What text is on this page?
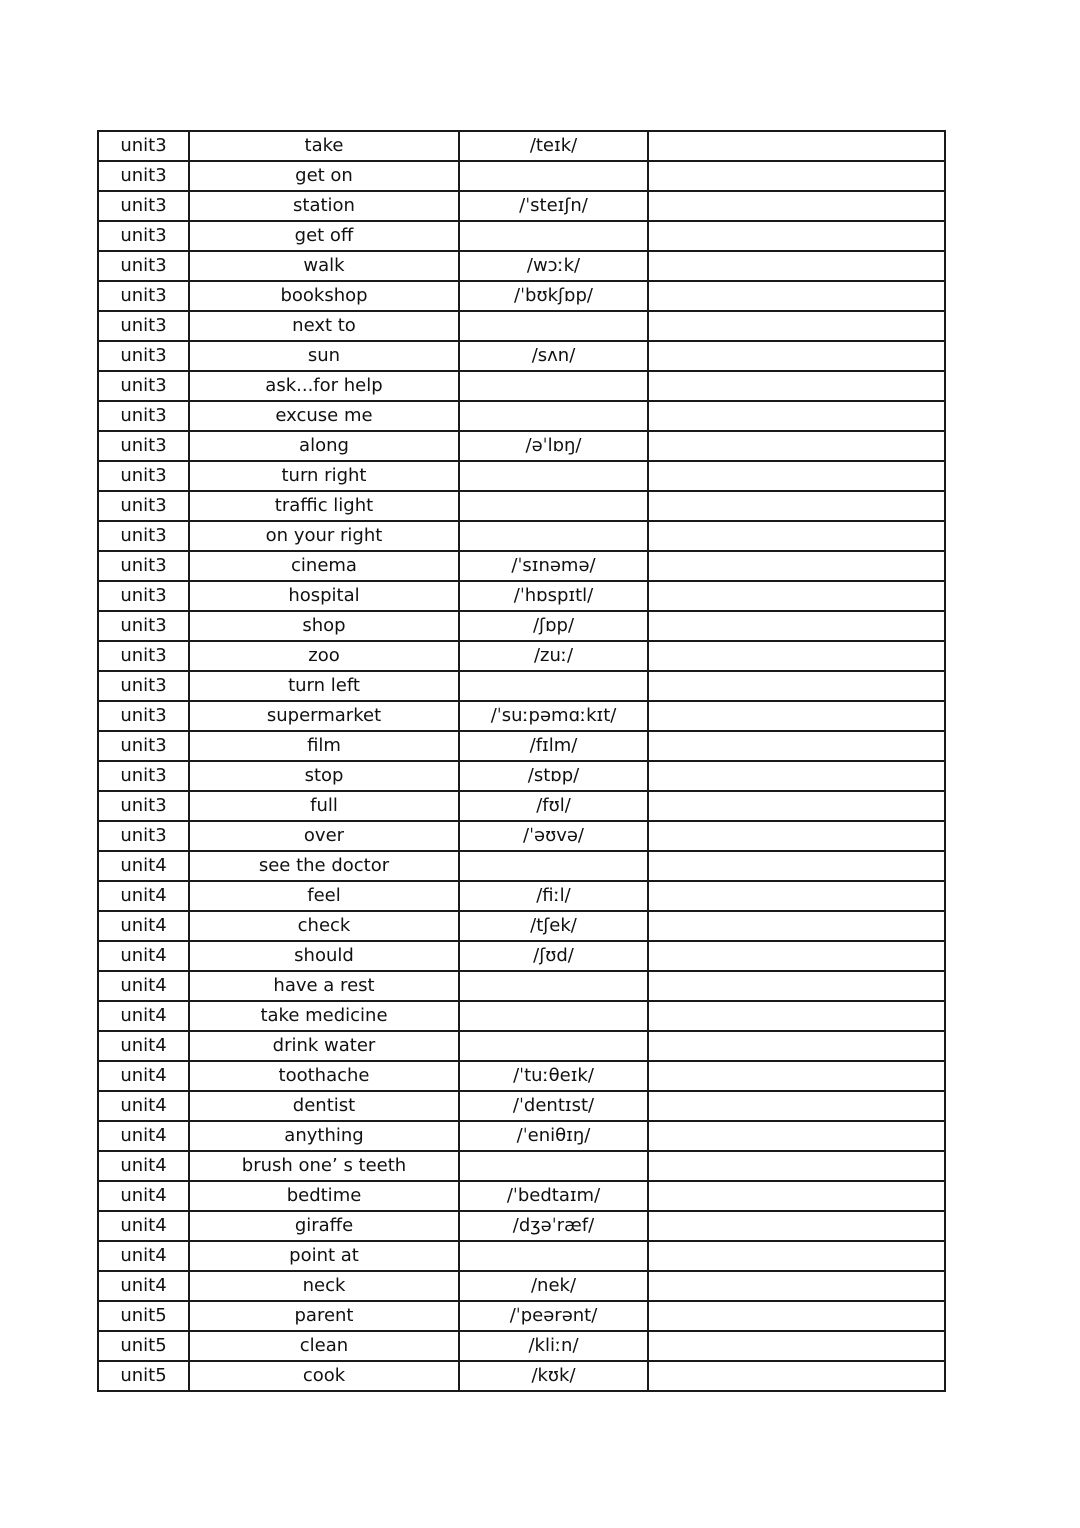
unit3	take	/teɪk/	
unit3	get on		
unit3	station	/ˈsteɪʃn/	
unit3	get off		
unit3	walk	/wɔːk/	
unit3	bookshop	/ˈbʊkʃɒp/	
unit3	next to		
unit3	sun	/sʌn/	
unit3	ask...for help		
unit3	excuse me		
unit3	along	/əˈlɒŋ/	
unit3	turn right		
unit3	traffic light		
unit3	on your right		
unit3	cinema	/ˈsɪnəmə/	
unit3	hospital	/ˈhɒspɪtl/	
unit3	shop	/ʃɒp/	
unit3	zoo	/zuː/	
unit3	turn left		
unit3	supermarket	/ˈsuːpəmɑːkɪt/	
unit3	film	/fɪlm/	
unit3	stop	/stɒp/	
unit3	full	/fʊl/	
unit3	over	/ˈəʊvə/	
unit4	see the doctor		
unit4	feel	/fiːl/	
unit4	check	/tʃek/	
unit4	should	/ʃʊd/	
unit4	have a rest		
unit4	take medicine		
unit4	drink water		
unit4	toothache	/ˈtuːθeɪk/	
unit4	dentist	/ˈdentɪst/	
unit4	anything	/ˈeniθɪŋ/	
unit4	brush one’ s teeth		
unit4	bedtime	/ˈbedtaɪm/	
unit4	giraffe	/dʒəˈræf/	
unit4	point at		
unit4	neck	/nek/	
unit5	parent	/ˈpeərənt/	
unit5	clean	/kliːn/	
unit5	cook	/kʊk/	
